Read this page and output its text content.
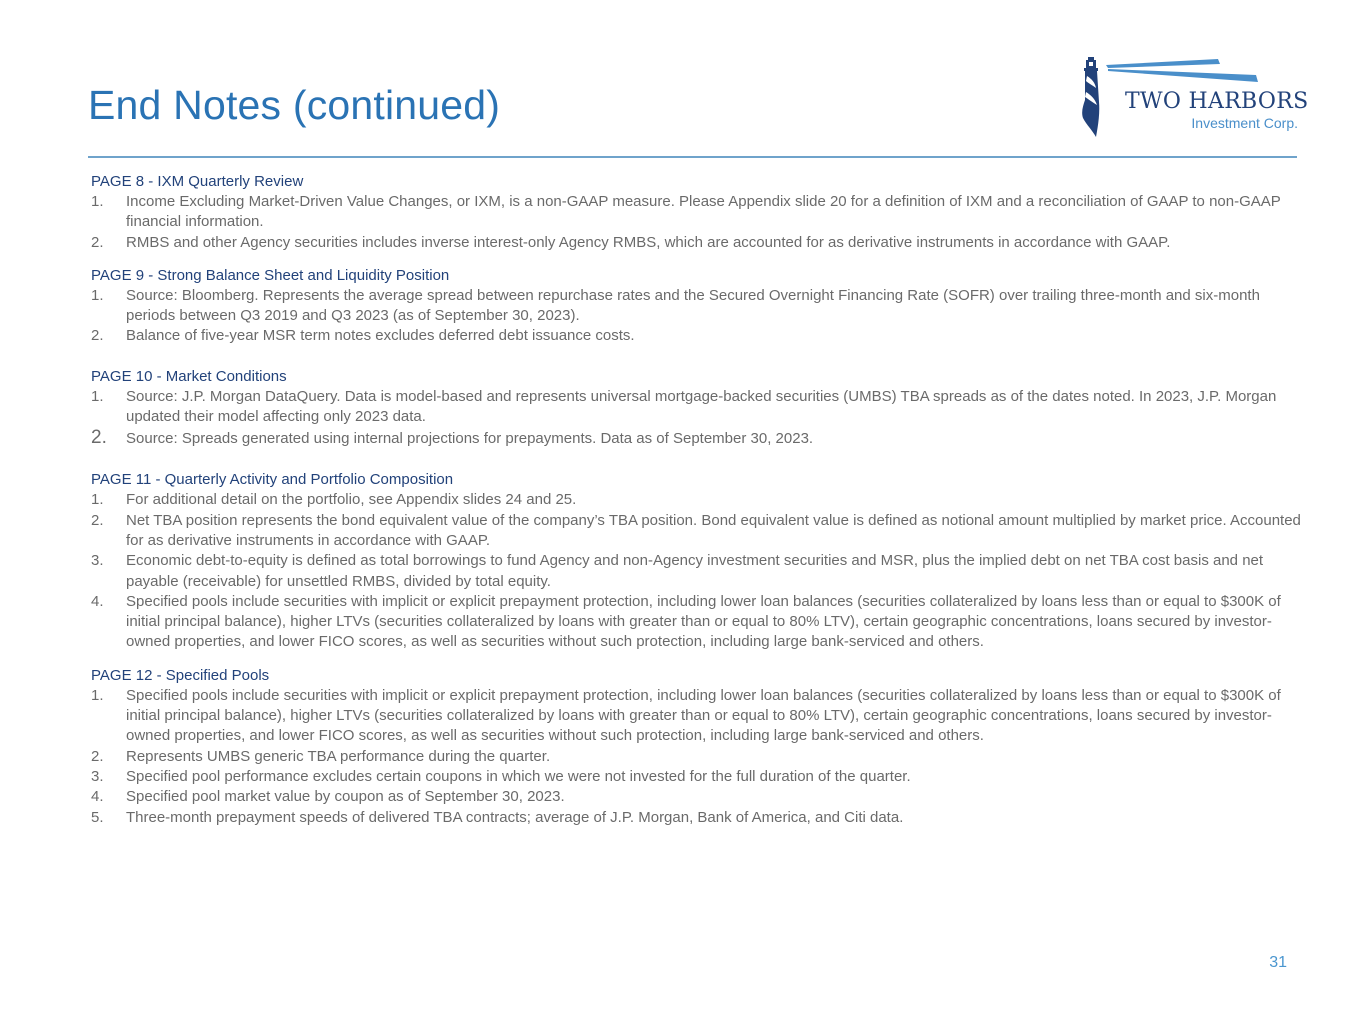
End Notes (continued)	TWO HARBORS
Investment Corp.
PAGE 8 - IXM Quarterly Review
1. Income Excluding Market-Driven Value Changes, or IXM, is a non-GAAP measure. Please Appendix slide 20 for a definition of IXM and a reconciliation of GAAP to non-GAAP financial information.
2. RMBS and other Agency securities includes inverse interest-only Agency RMBS, which are accounted for as derivative instruments in accordance with GAAP.
PAGE 9 - Strong Balance Sheet and Liquidity Position
1. Source: Bloomberg. Represents the average spread between repurchase rates and the Secured Overnight Financing Rate (SOFR) over trailing three-month and six-month periods between Q3 2019 and Q3 2023 (as of September 30, 2023).
2. Balance of five-year MSR term notes excludes deferred debt issuance costs.
PAGE 10 - Market Conditions
1. Source: J.P. Morgan DataQuery. Data is model-based and represents universal mortgage-backed securities (UMBS) TBA spreads as of the dates noted. In 2023, J.P. Morgan updated their model affecting only 2023 data.
2. Source: Spreads generated using internal projections for prepayments. Data as of September 30, 2023.
PAGE 11 - Quarterly Activity and Portfolio Composition
1. For additional detail on the portfolio, see Appendix slides 24 and 25.
2. Net TBA position represents the bond equivalent value of the company’s TBA position. Bond equivalent value is defined as notional amount multiplied by market price. Accounted for as derivative instruments in accordance with GAAP.
3. Economic debt-to-equity is defined as total borrowings to fund Agency and non-Agency investment securities and MSR, plus the implied debt on net TBA cost basis and net payable (receivable) for unsettled RMBS, divided by total equity.
4. Specified pools include securities with implicit or explicit prepayment protection, including lower loan balances (securities collateralized by loans less than or equal to $300K of initial principal balance), higher LTVs (securities collateralized by loans with greater than or equal to 80% LTV), certain geographic concentrations, loans secured by investor-owned properties, and lower FICO scores, as well as securities without such protection, including large bank-serviced and others.
PAGE 12 - Specified Pools
1. Specified pools include securities with implicit or explicit prepayment protection, including lower loan balances (securities collateralized by loans less than or equal to $300K of initial principal balance), higher LTVs (securities collateralized by loans with greater than or equal to 80% LTV), certain geographic concentrations, loans secured by investor-owned properties, and lower FICO scores, as well as securities without such protection, including large bank-serviced and others.
2. Represents UMBS generic TBA performance during the quarter.
3. Specified pool performance excludes certain coupons in which we were not invested for the full duration of the quarter.
4. Specified pool market value by coupon as of September 30, 2023.
5. Three-month prepayment speeds of delivered TBA contracts; average of J.P. Morgan, Bank of America, and Citi data.
31
